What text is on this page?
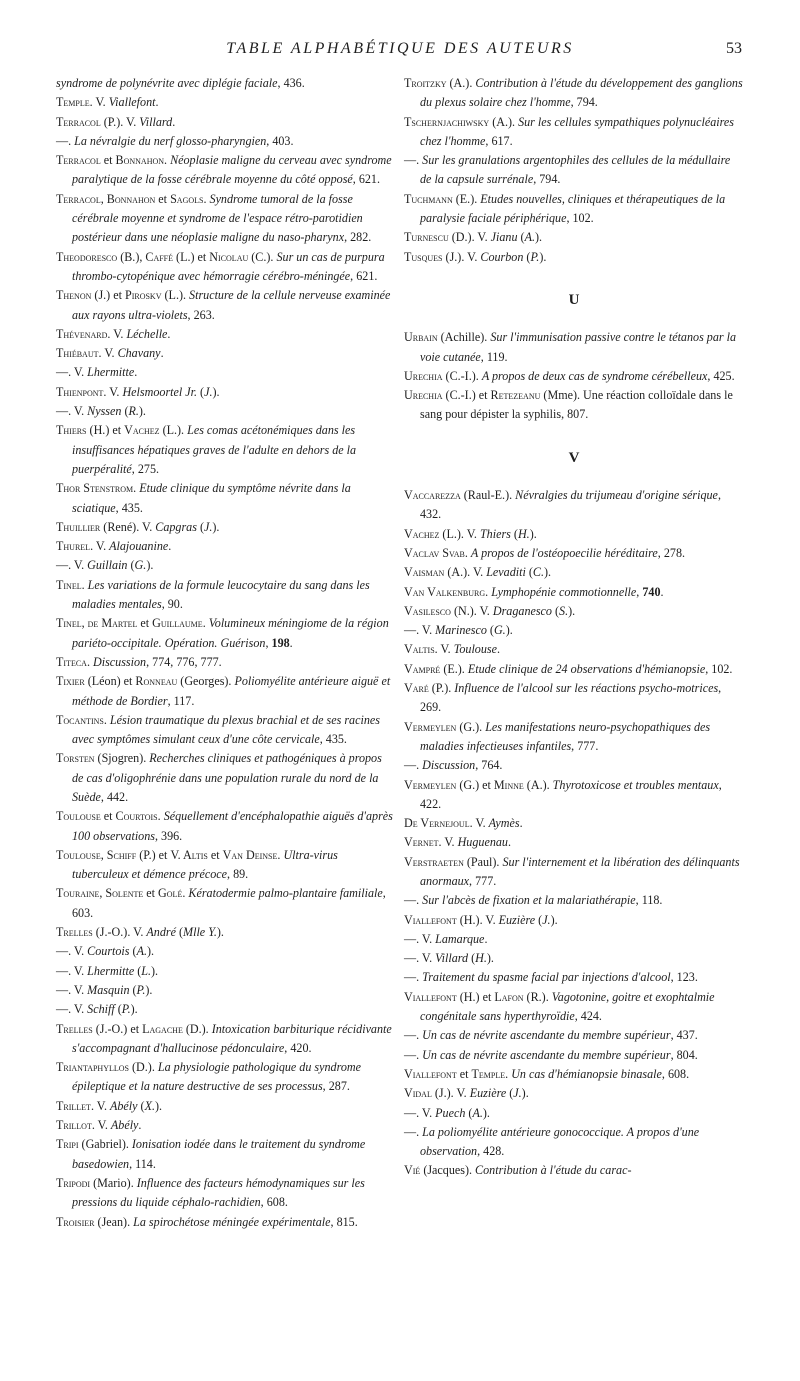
TABLE ALPHABÉTIQUE DES AUTEURS	53

syndrome de polynévrite avec diplégie faciale, 436.

Temple. V. Viallefont.

Terracol (P.). V. Villard.

—. La névralgie du nerf glosso-pharyngien, 403.

Terracol et Bonnahon. Néoplasie maligne du cerveau avec syndrome paralytique de la fosse cérébrale moyenne du côté opposé, 621.

Terracol, Bonnahon et Sagols. Syndrome tumoral de la fosse cérébrale moyenne et syndrome de l'espace rétro-parotidien postérieur dans une néoplasie maligne du naso-pharynx, 282.

Theodoresco (B.), Caffé (L.) et Nicolau (C.). Sur un cas de purpura thrombo-cytopénique avec hémorragie cérébro-méningée, 621.

Thenon (J.) et Piroskv (L.). Structure de la cellule nerveuse examinée aux rayons ultra-violets, 263.

Thévenard. V. Léchelle.

Thiébaut. V. Chavany.

—. V. Lhermitte.

Thienpont. V. Helsmoortel Jr. (J.).

—. V. Nyssen (R.).

Thiers (H.) et Vachez (L.). Les comas acétonémiques dans les insuffisances hépatiques graves de l'adulte en dehors de la puerpéralité, 275.

Thor Stenstrom. Etude clinique du symptôme névrite dans la sciatique, 435.

Thuillier (René). V. Capgras (J.).

Thurel. V. Alajouanine.

—. V. Guillain (G.).

Tinel. Les variations de la formule leucocytaire du sang dans les maladies mentales, 90.

Tinel, de Martel et Guillaume. Volumineux méningiome de la région pariéto-occipitale. Opération. Guérison, 198.

Titeca. Discussion, 774, 776, 777.

Tixier (Léon) et Ronneau (Georges). Poliomyélite antérieure aiguë et méthode de Bordier, 117.

Tocantins. Lésion traumatique du plexus brachial et de ses racines avec symptômes simulant ceux d'une côte cervicale, 435.

Torsten (Sjogren). Recherches cliniques et pathogéniques à propos de cas d'oligophrénie dans une population rurale du nord de la Suède, 442.

Toulouse et Courtois. Séquellement d'encéphalopathie aiguës d'après 100 observations, 396.

Toulouse, Schiff (P.) et V. Altis et Van Deinse. Ultra-virus tuberculeux et démence précoce, 89.

Touraine, Solente et Golé. Kératodermie palmo-plantaire familiale, 603.

Trelles (J.-O.). V. André (Mlle Y.).

—. V. Courtois (A.).

—. V. Lhermitte (L.).

—. V. Masquin (P.).

—. V. Schiff (P.).

Trelles (J.-O.) et Lagache (D.). Intoxication barbiturique récidivante s'accompagnant d'hallucinose pédonculaire, 420.

Triantaphyllos (D.). La physiologie pathologique du syndrome épileptique et la nature destructive de ses processus, 287.

Trillet. V. Abély (X.).

Trillot. V. Abély.

Tripi (Gabriel). Ionisation iodée dans le traitement du syndrome basedowien, 114.

Tripodi (Mario). Influence des facteurs hémodynamiques sur les pressions du liquide céphalo-rachidien, 608.

Troisier (Jean). La spirochétose méningée expérimentale, 815.

Troitzky (A.). Contribution à l'étude du développement des ganglions du plexus solaire chez l'homme, 794.

Tschernjachiwsky (A.). Sur les cellules sympathiques polynucléaires chez l'homme, 617.

—. Sur les granulations argentophiles des cellules de la médullaire de la capsule surrénale, 794.

Tuchmann (E.). Etudes nouvelles, cliniques et thérapeutiques de la paralysie faciale périphérique, 102.

Turnescu (D.). V. Jianu (A.).

Tusques (J.). V. Courbon (P.).

U

Urbain (Achille). Sur l'immunisation passive contre le tétanos par la voie cutanée, 119.

Urechia (C.-I.). A propos de deux cas de syndrome cérébelleux, 425.

Urechia (C.-I.) et Retezeanu (Mme). Une réaction colloïdale dans le sang pour dépister la syphilis, 807.

V

Vaccarezza (Raul-E.). Névralgies du trijumeau d'origine sérique, 432.

Vachez (L.). V. Thiers (H.).

Vaclav Svab. A propos de l'ostéopoecilie héréditaire, 278.

Vaisman (A.). V. Levaditi (C.).

Van Valkenburg. Lymphopénie commotionnelle, 740.

Vasilesco (N.). V. Draganesco (S.).

—. V. Marinesco (G.).

Valtis. V. Toulouse.

Vampré (E.). Etude clinique de 24 observations d'hémianopsie, 102.

Varé (P.). Influence de l'alcool sur les réactions psycho-motrices, 269.

Vermeylen (G.). Les manifestations neuro-psychopathiques des maladies infectieuses infantiles, 777.

—. Discussion, 764.

Vermeylen (G.) et Minne (A.). Thyrotoxicose et troubles mentaux, 422.

De Vernejoul. V. Aymès.

Vernet. V. Huguenau.

Verstraeten (Paul). Sur l'internement et la libération des délinquants anormaux, 777.

—. Sur l'abcès de fixation et la malariathérapie, 118.

Viallefont (H.). V. Euzière (J.).

—. V. Lamarque.

—. V. Villard (H.).

—. Traitement du spasme facial par injections d'alcool, 123.

Viallefont (H.) et Lafon (R.). Vagotonine, goitre et exophtalmie congénitale sans hyperthyroïdie, 424.

—. Un cas de névrite ascendante du membre supérieur, 437.

—. Un cas de névrite ascendante du membre supérieur, 804.

Viallefont et Temple. Un cas d'hémianopsie binasale, 608.

Vidal (J.). V. Euzière (J.).

—. V. Puech (A.).

—. La poliomyélite antérieure gonococcique. A propos d'une observation, 428.

Vié (Jacques). Contribution à l'étude du carac-
